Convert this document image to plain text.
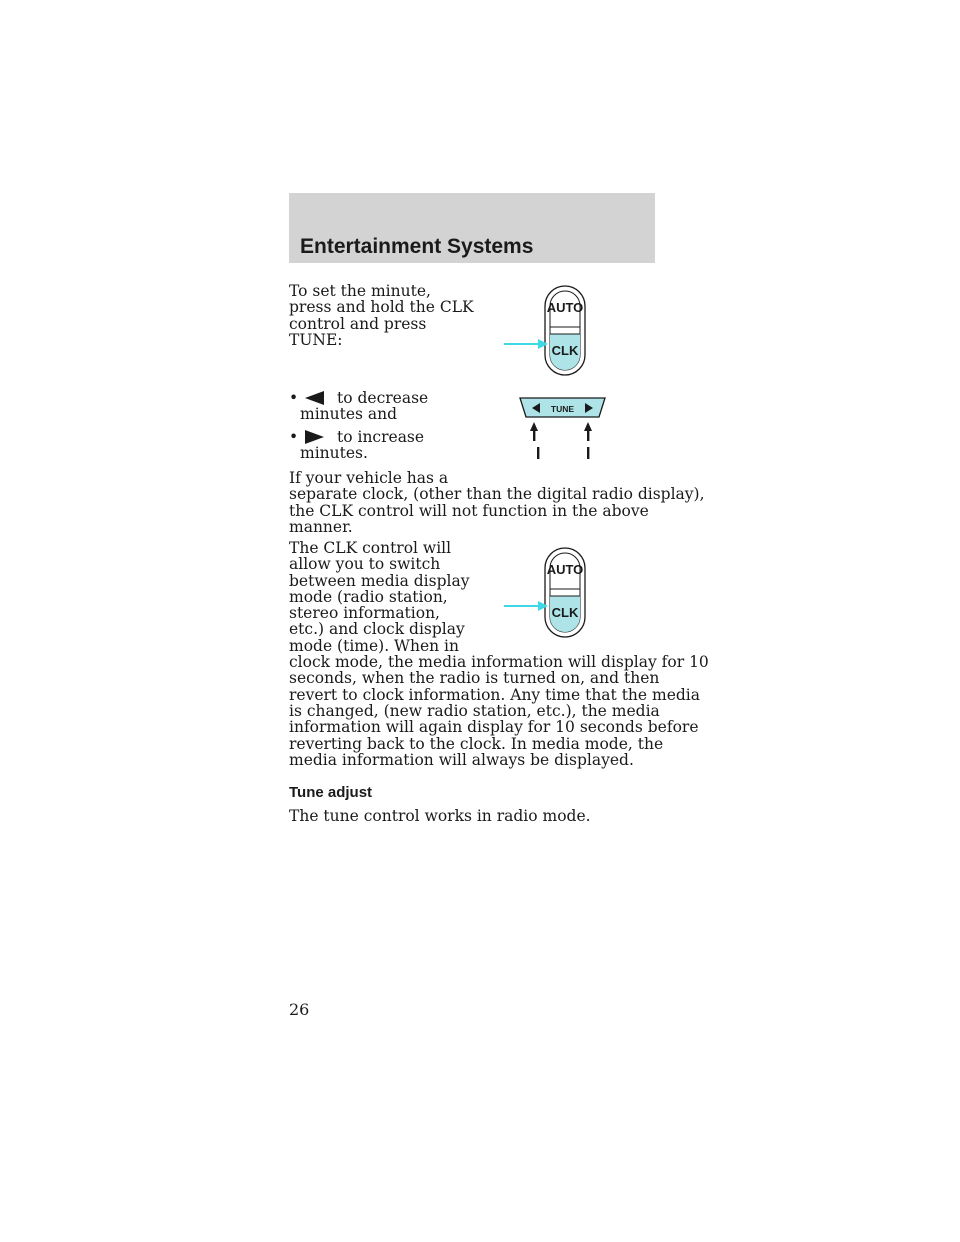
Entertainment Systems
To set the minute,
press and hold the CLK
control and press
TUNE:
AUTO
CLK
•	to decrease
minutes and
•	to increase
minutes.
TUNE
If your vehicle has a
separate clock, (other than the digital radio display),
the CLK control will not function in the above
manner.
AUTO
CLK
The CLK control will
allow you to switch
between media display
mode (radio station,
stereo information,
etc.) and clock display
mode (time). When in
clock mode, the media information will display for 10
seconds, when the radio is turned on, and then
revert to clock information. Any time that the media
is changed, (new radio station, etc.), the media
information will again display for 10 seconds before
reverting back to the clock. In media mode, the
media information will always be displayed.
Tune adjust
The tune control works in radio mode.
26
